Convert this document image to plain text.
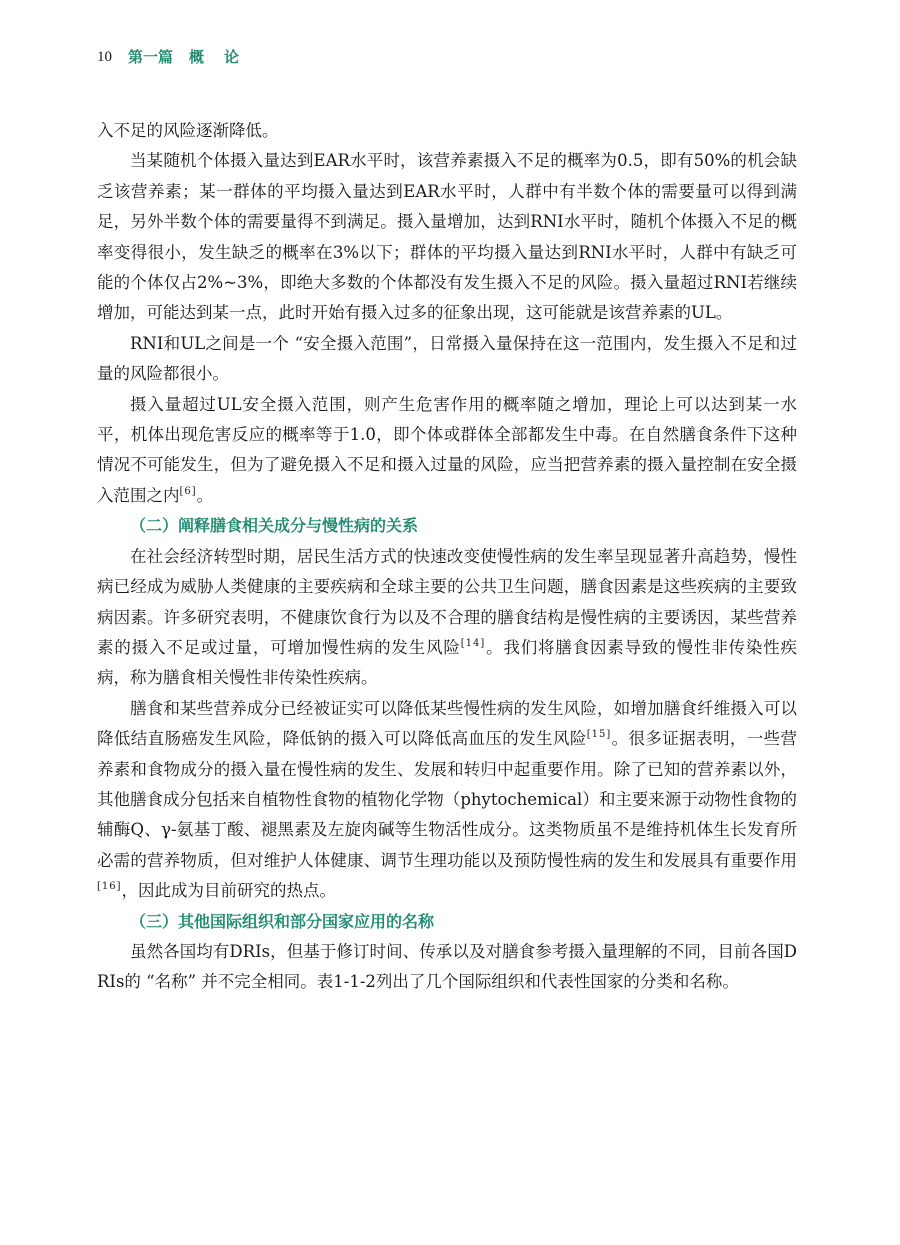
10 第一篇 概论

入不足的风险逐渐降低。

当某随机个体摄入量达到EAR水平时，该营养素摄入不足的概率为0.5，即有50%的机会缺乏该营养素；某一群体的平均摄入量达到EAR水平时，人群中有半数个体的需要量可以得到满足，另外半数个体的需要量得不到满足。摄入量增加，达到RNI水平时，随机个体摄入不足的概率变得很小，发生缺乏的概率在3%以下；群体的平均摄入量达到RNI水平时，人群中有缺乏可能的个体仅占2%~3%，即绝大多数的个体都没有发生摄入不足的风险。摄入量超过RNI若继续增加，可能达到某一点，此时开始有摄入过多的征象出现，这可能就是该营养素的UL。

RNI和UL之间是一个 “安全摄入范围”，日常摄入量保持在这一范围内，发生摄入不足和过量的风险都很小。

摄入量超过UL安全摄入范围，则产生危害作用的概率随之增加，理论上可以达到某一水平，机体出现危害反应的概率等于1.0，即个体或群体全部都发生中毒。在自然膳食条件下这种情况不可能发生，但为了避免摄入不足和摄入过量的风险，应当把营养素的摄入量控制在安全摄入范围之内[6]。

（二）阐释膳食相关成分与慢性病的关系

在社会经济转型时期，居民生活方式的快速改变使慢性病的发生率呈现显著升高趋势，慢性病已经成为威胁人类健康的主要疾病和全球主要的公共卫生问题，膳食因素是这些疾病的主要致病因素。许多研究表明，不健康饮食行为以及不合理的膳食结构是慢性病的主要诱因，某些营养素的摄入不足或过量，可增加慢性病的发生风险[14]。我们将膳食因素导致的慢性非传染性疾病，称为膳食相关慢性非传染性疾病。

膳食和某些营养成分已经被证实可以降低某些慢性病的发生风险，如增加膳食纤维摄入可以降低结直肠癌发生风险，降低钠的摄入可以降低高血压的发生风险[15]。很多证据表明，一些营养素和食物成分的摄入量在慢性病的发生、发展和转归中起重要作用。除了已知的营养素以外，其他膳食成分包括来自植物性食物的植物化学物（phytochemical）和主要来源于动物性食物的辅酶Q、γ-氨基丁酸、褪黑素及左旋肉碱等生物活性成分。这类物质虽不是维持机体生长发育所必需的营养物质，但对维护人体健康、调节生理功能以及预防慢性病的发生和发展具有重要作用[16]，因此成为目前研究的热点。

（三）其他国际组织和部分国家应用的名称

虽然各国均有DRIs，但基于修订时间、传承以及对膳食参考摄入量理解的不同，目前各国DRIs的 “名称” 并不完全相同。表1-1-2列出了几个国际组织和代表性国家的分类和名称。
